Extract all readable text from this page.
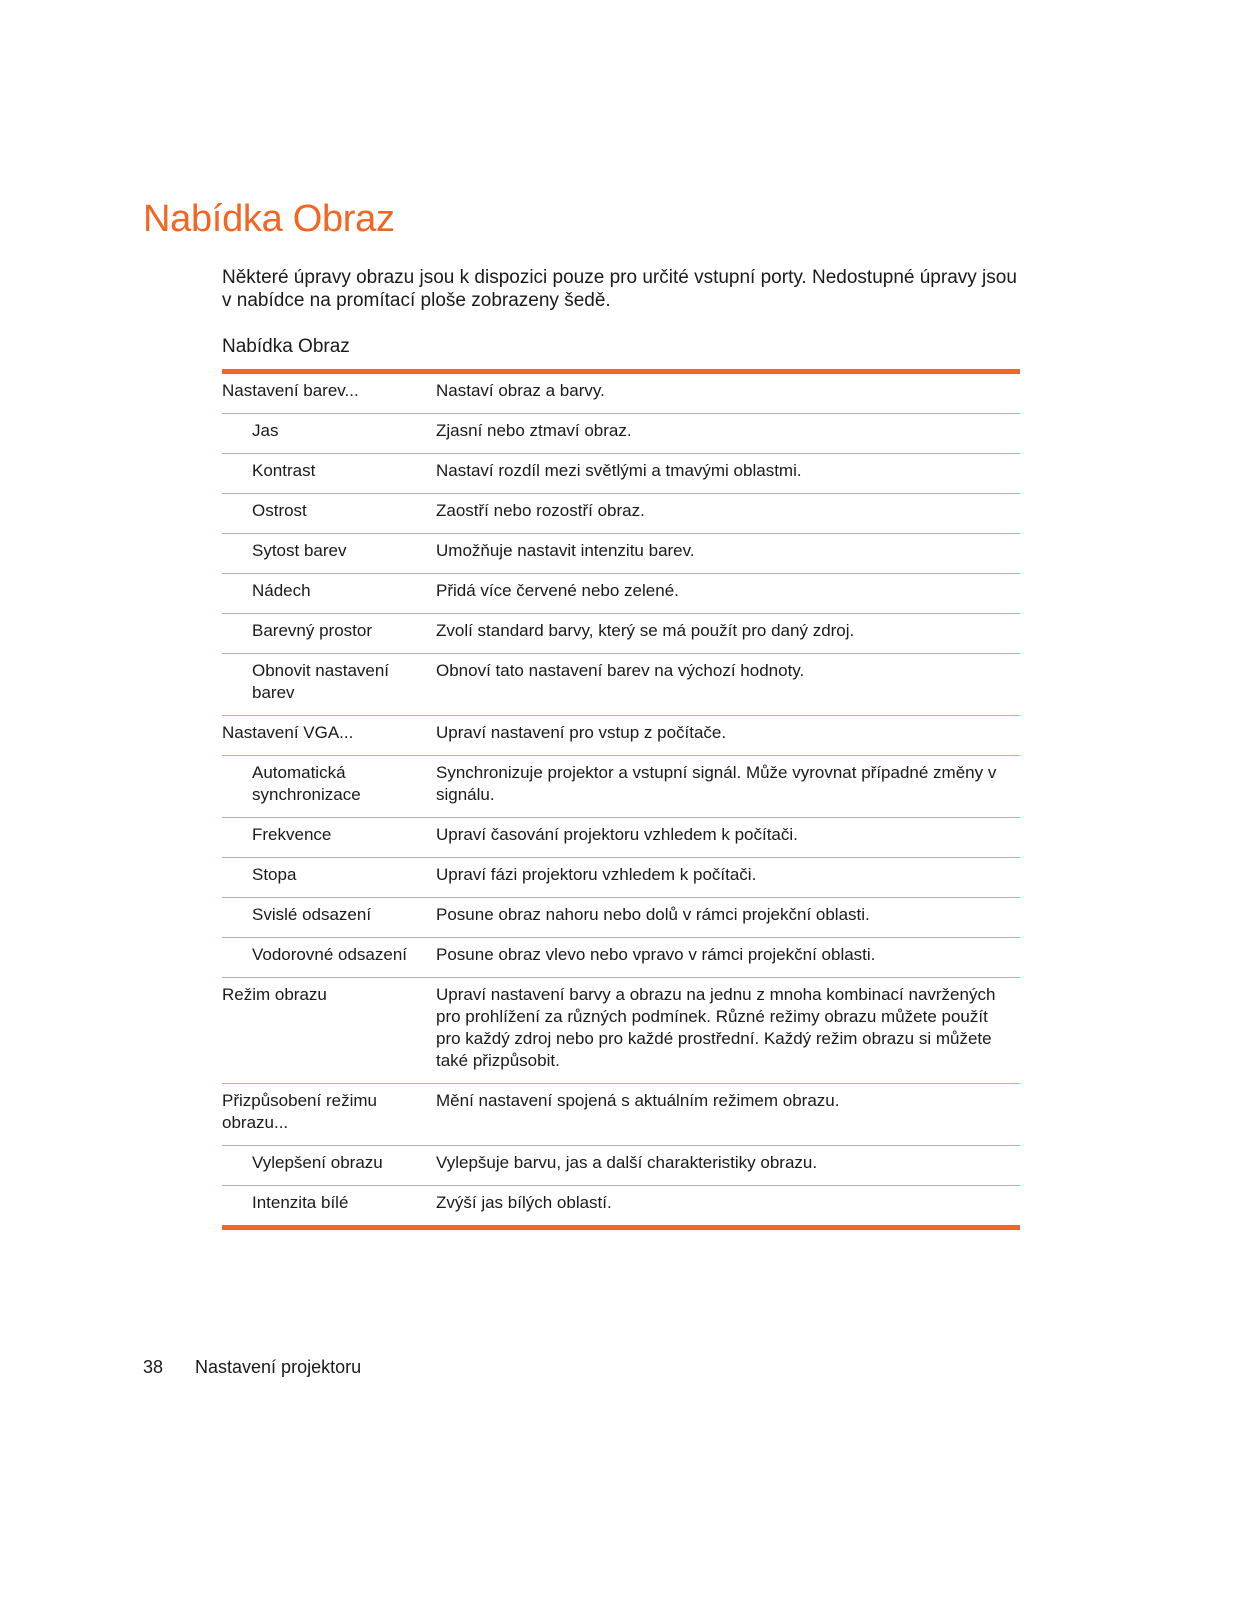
Nabídka Obraz

Některé úpravy obrazu jsou k dispozici pouze pro určité vstupní porty. Nedostupné úpravy jsou v nabídce na promítací ploše zobrazeny šedě.

Nabídka Obraz

Nastavení barev...	Nastaví obraz a barvy.
Jas	Zjasní nebo ztmaví obraz.
Kontrast	Nastaví rozdíl mezi světlými a tmavými oblastmi.
Ostrost	Zaostří nebo rozostří obraz.
Sytost barev	Umožňuje nastavit intenzitu barev.
Nádech	Přidá více červené nebo zelené.
Barevný prostor	Zvolí standard barvy, který se má použít pro daný zdroj.
Obnovit nastavení barev	Obnoví tato nastavení barev na výchozí hodnoty.
Nastavení VGA...	Upraví nastavení pro vstup z počítače.
Automatická synchronizace	Synchronizuje projektor a vstupní signál. Může vyrovnat případné změny v signálu.
Frekvence	Upraví časování projektoru vzhledem k počítači.
Stopa	Upraví fázi projektoru vzhledem k počítači.
Svislé odsazení	Posune obraz nahoru nebo dolů v rámci projekční oblasti.
Vodorovné odsazení	Posune obraz vlevo nebo vpravo v rámci projekční oblasti.
Režim obrazu	Upraví nastavení barvy a obrazu na jednu z mnoha kombinací navržených pro prohlížení za různých podmínek. Různé režimy obrazu můžete použít pro každý zdroj nebo pro každé prostřední. Každý režim obrazu si můžete také přizpůsobit.
Přizpůsobení režimu obrazu...	Mění nastavení spojená s aktuálním režimem obrazu.
Vylepšení obrazu	Vylepšuje barvu, jas a další charakteristiky obrazu.
Intenzita bílé	Zvýší jas bílých oblastí.
38 Nastavení projektoru
